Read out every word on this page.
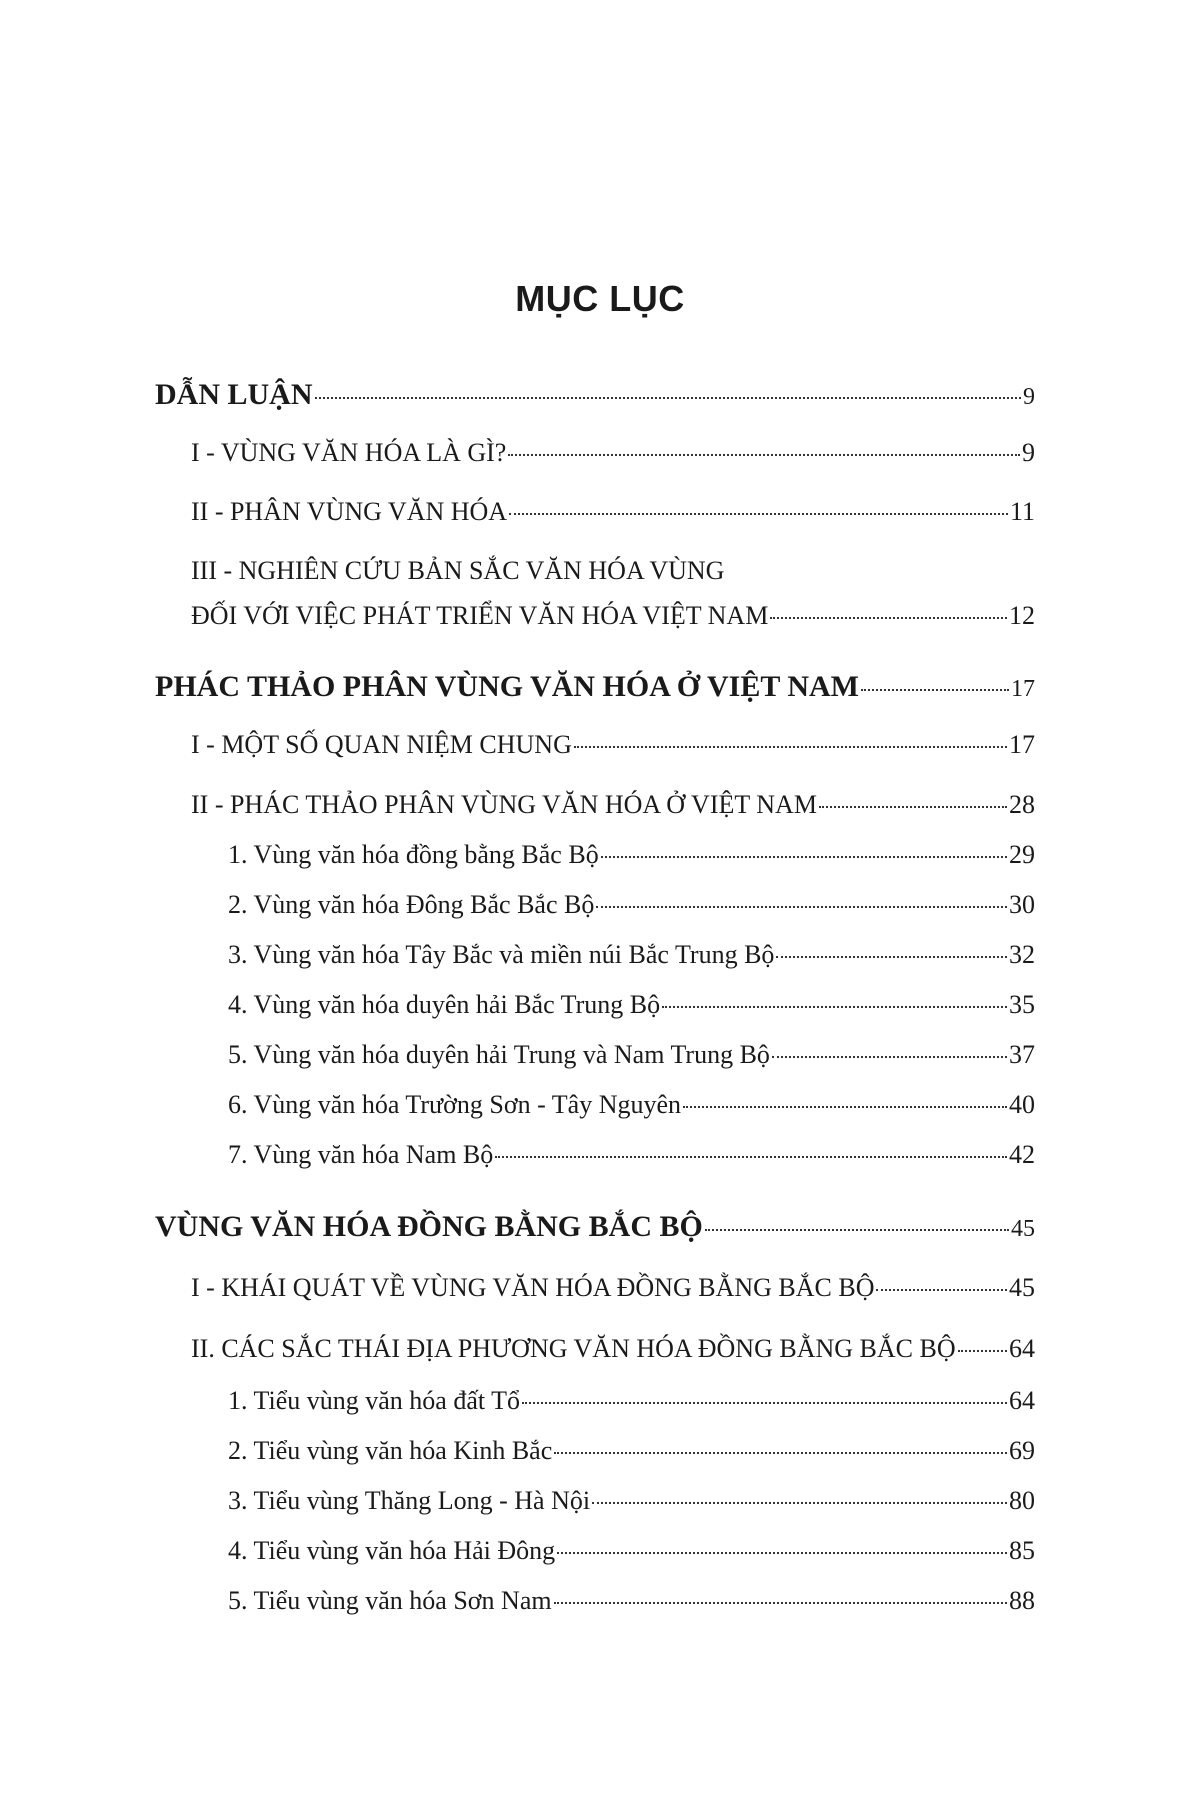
MỤC LỤC
DẪN LUẬN	9
I - VÙNG VĂN HÓA LÀ GÌ?	9
II - PHÂN VÙNG VĂN HÓA	11
III - NGHIÊN CỨU BẢN SẮC VĂN HÓA VÙNG
ĐỐI VỚI VIỆC PHÁT TRIỂN VĂN HÓA VIỆT NAM	12
PHÁC THẢO PHÂN VÙNG VĂN HÓA Ở VIỆT NAM	17
I - MỘT SỐ QUAN NIỆM CHUNG	17
II - PHÁC THẢO PHÂN VÙNG VĂN HÓA Ở VIỆT NAM	28
1. Vùng văn hóa đồng bằng Bắc Bộ	29
2. Vùng văn hóa Đông Bắc Bắc Bộ	30
3. Vùng văn hóa Tây Bắc và miền núi Bắc Trung Bộ	32
4. Vùng văn hóa duyên hải Bắc Trung Bộ	35
5. Vùng văn hóa duyên hải Trung và Nam Trung Bộ	37
6. Vùng văn hóa Trường Sơn - Tây Nguyên	40
7. Vùng văn hóa Nam Bộ	42
VÙNG VĂN HÓA ĐỒNG BẰNG BẮC BỘ	45
I - KHÁI QUÁT VỀ VÙNG VĂN HÓA ĐỒNG BẰNG BẮC BỘ	45
II. CÁC SẮC THÁI ĐỊA PHƯƠNG VĂN HÓA ĐỒNG BẰNG BẮC BỘ 64
1. Tiểu vùng văn hóa đất Tổ	64
2. Tiểu vùng văn hóa Kinh Bắc	69
3. Tiểu vùng Thăng Long - Hà Nội	80
4. Tiểu vùng văn hóa Hải Đông	85
5. Tiểu vùng văn hóa Sơn Nam	88
